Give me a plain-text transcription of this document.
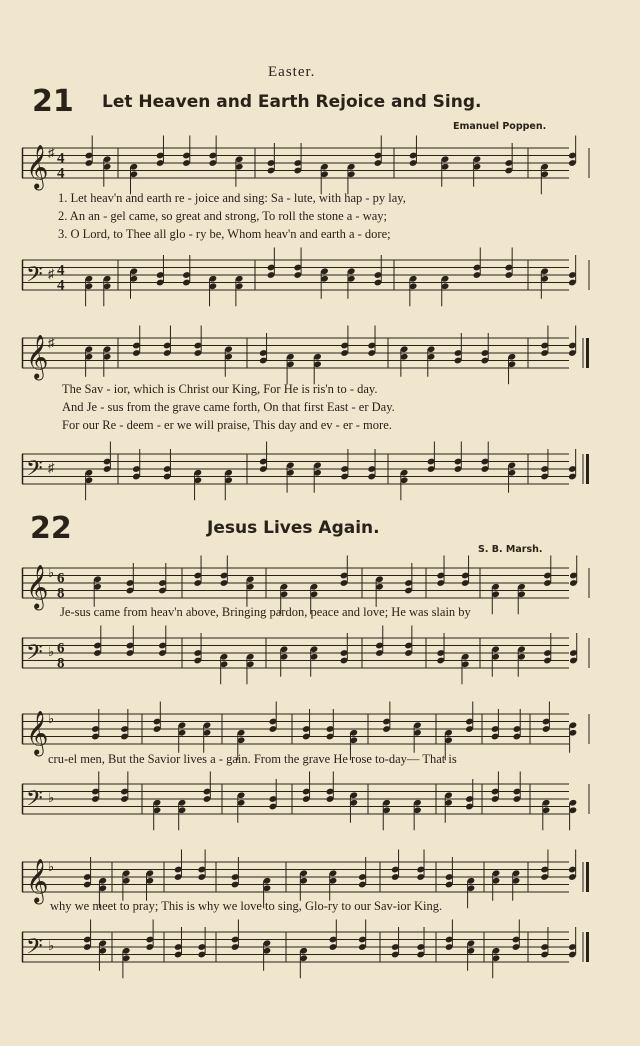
Easter.
21 Let Heaven and Earth Rejoice and Sing.
Emanuel Poppen.
𝄞 ♯ 4
4
1. Let heav'n and earth re - joice and sing: Sa - lute, with hap - py lay,
2. An an - gel came, so great and strong, To roll the stone a - way;
3. O Lord, to Thee all glo - ry be, Whom heav'n and earth a - dore;
𝄢 ♯ 4
4
𝄞 ♯
The Sav - ior, which is Christ our King, For He is ris'n to - day.
And Je - sus from the grave came forth, On that first East - er Day.
For our Re - deem - er we will praise, This day and ev - er - more.
𝄢 ♯
22	Jesus Lives Again.
S. B. Marsh.
𝄞 ♭ 6
8
Je-sus came from heav'n above, Bringing pardon, peace and love; He was slain by
𝄢 ♭ 6
8
𝄞 ♭
cru-el men, But the Savior lives a - gain. From the grave He rose to-day— That is
𝄢 ♭
𝄞 ♭
why we meet to pray; This is why we love to sing, Glo-ry to our Sav-ior King.
𝄢 ♭
